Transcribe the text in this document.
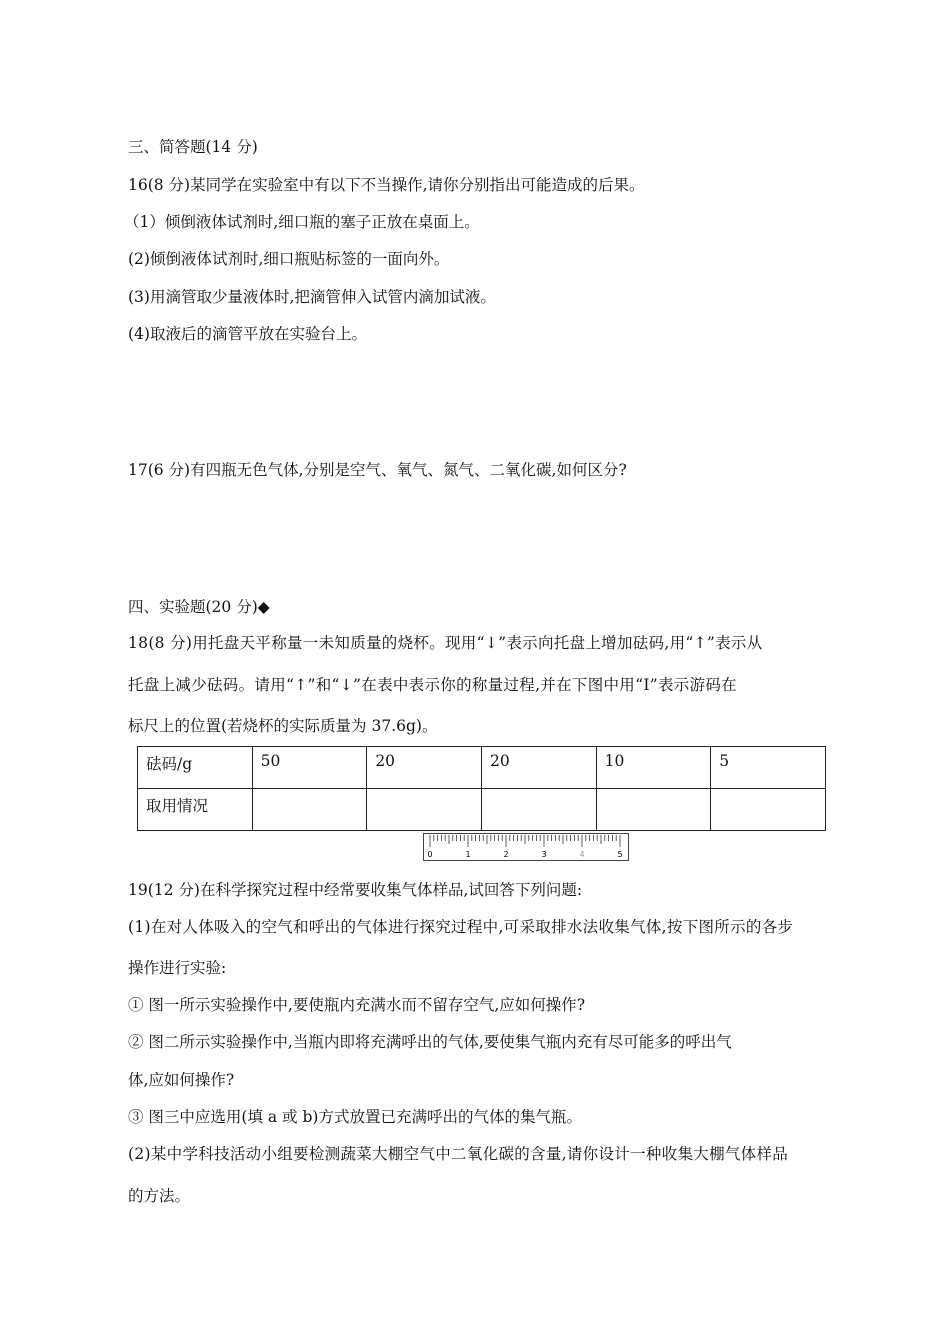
三、简答题(14 分)
16(8 分)某同学在实验室中有以下不当操作,请你分别指出可能造成的后果。
（1）倾倒液体试剂时,细口瓶的塞子正放在桌面上。
(2)倾倒液体试剂时,细口瓶贴标签的一面向外。
(3)用滴管取少量液体时,把滴管伸入试管内滴加试液。
(4)取液后的滴管平放在实验台上。
17(6 分)有四瓶无色气体,分别是空气、氧气、氮气、二氧化碳,如何区分?
四、实验题(20 分)◆
18(8 分)用托盘天平称量一未知质量的烧杯。现用“↓”表示向托盘上增加砝码,用“↑”表示从
托盘上减少砝码。请用“↑”和“↓”在表中表示你的称量过程,并在下图中用“Ⅰ”表示游码在
标尺上的位置(若烧杯的实际质量为 37.6g)。
砝码/g	50	20	20	10	5
取用情况					
0	1	2	3	4	5
19(12 分)在科学探究过程中经常要收集气体样品,试回答下列问题:
(1)在对人体吸入的空气和呼出的气体进行探究过程中,可采取排水法收集气体,按下图所示的各步
操作进行实验:
① 图一所示实验操作中,要使瓶内充满水而不留存空气,应如何操作?
② 图二所示实验操作中,当瓶内即将充满呼出的气体,要使集气瓶内充有尽可能多的呼出气
体,应如何操作?
③ 图三中应选用(填 a 或 b)方式放置已充满呼出的气体的集气瓶。
(2)某中学科技活动小组要检测蔬菜大棚空气中二氧化碳的含量,请你设计一种收集大棚气体样品
的方法。
